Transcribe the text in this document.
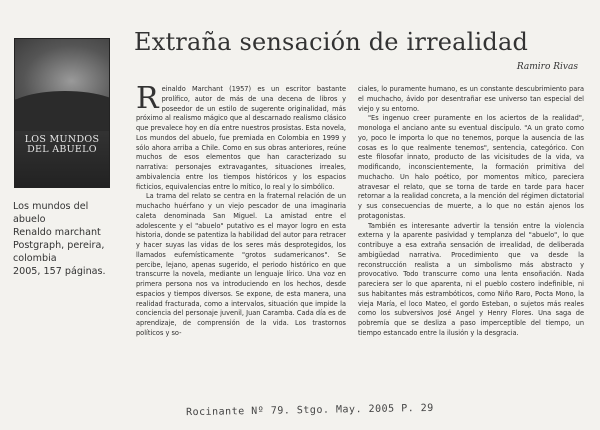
LOS MUNDOS
DEL ABUELO
Los mundos del
abuelo
Renaldo marchant
Postgraph, pereira,
colombia
2005, 157 páginas.
Extraña sensación de irrealidad
Ramiro Rivas

Reinaldo Marchant (1957) es un escritor bastante prolífico, autor de más de una decena de libros y poseedor de un estilo de sugerente originalidad, más próximo al realismo mágico que al descarnado realismo clásico que prevalece hoy en día entre nuestros prosistas. Esta novela, Los mundos del abuelo, fue premiada en Colombia en 1999 y sólo ahora arriba a Chile. Como en sus obras anteriores, reúne muchos de esos elementos que han caracterizado su narrativa: personajes extravagantes, situaciones irreales, ambivalencia entre los tiempos históricos y los espacios ficticios, equivalencias entre lo mítico, lo real y lo simbólico.

La trama del relato se centra en la fraternal relación de un muchacho huérfano y un viejo pescador de una imaginaria caleta denominada San Miguel. La amistad entre el adolescente y el "abuelo" putativo es el mayor logro en esta historia, donde se patentiza la habilidad del autor para retracer y hacer suyas las vidas de los seres más desprotegidos, los llamados eufemísticamente "grotos sudamericanos". Se percibe, lejano, apenas sugerido, el periodo histórico en que transcurre la novela, mediante un lenguaje lírico. Una voz en primera persona nos va introduciendo en los hechos, desde espacios y tiempos diversos. Se expone, de esta manera, una realidad fracturada, como a intervalos, situación que impide la conciencia del personaje juvenil, Juan Caramba. Cada día es de aprendizaje, de comprensión de la vida. Los trastornos políticos y so-

ciales, lo puramente humano, es un constante descubrimiento para el muchacho, ávido por desentrañar ese universo tan especial del viejo y su entorno.

"Es ingenuo creer puramente en los aciertos de la realidad", monologa el anciano ante su eventual discípulo. "A un grato como yo, poco le importa lo que no tenemos, porque la ausencia de las cosas es lo que realmente tenemos", sentencia, categórico. Con este filosofar innato, producto de las vicisitudes de la vida, va modificando, inconscientemente, la formación primitiva del muchacho. Un halo poético, por momentos mítico, pareciera atravesar el relato, que se torna de tarde en tarde para hacer retornar a la realidad concreta, a la mención del régimen dictatorial y sus consecuencias de muerte, a lo que no están ajenos los protagonistas.

También es interesante advertir la tensión entre la violencia externa y la aparente pasividad y templanza del "abuelo", lo que contribuye a esa extraña sensación de irrealidad, de deliberada ambigüedad narrativa. Procedimiento que va desde la reconstrucción realista a un simbolismo más abstracto y provocativo. Todo transcurre como una lenta ensoñación. Nada pareciera ser lo que aparenta, ni el pueblo costero indefinible, ni sus habitantes más estrambóticos, como Niño Raro, Pocta Mono, la vieja María, el loco Mateo, el gordo Esteban, o sujetos más reales como los subversivos José Angel y Henry Flores. Una saga de pobremía que se desliza a paso imperceptible del tiempo, un tiempo estancado entre la ilusión y la desgracia.

Rocinante Nº 79. Stgo. May. 2005 P. 29
